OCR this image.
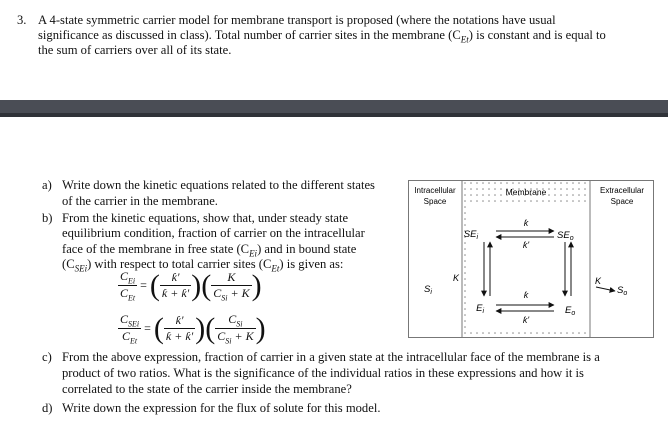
3. A 4-state symmetric carrier model for membrane transport is proposed (where the notations have usual

significance as discussed in class). Total number of carrier sites in the membrane $(C_{Et})$ is constant and is equal to

the sum of carriers over all of its state.

a) Write down the kinetic equations related to the different states

of the carrier in the membrane.

b) From the kinetic equations, show that, under steady state

equilibrium condition, fraction of carrier on the intracellular

face of the membrane in free state $(C_{Ei})$ and in bound state

$(C_{SEi})$ with respect to total carrier sites $(C_{Et})$ is given as:

$\frac{C_{Ei}}{C_{Et}}$ = ( $\frac{ƙ'}{ƙ + ƙ'}$ )( $\frac{K}{C_{Si} + K}$ )
$\frac{C_{SEi}}{C_{Et}}$ = ( $\frac{ƙ'}{ƙ + ƙ'}$ )( $\frac{C_{Si}}{C_{Si} + K}$ )

c) From the above expression, fraction of carrier in a given state at the intracellular face of the membrane is a

product of two ratios. What is the significance of the individual ratios in these expressions and how it is

correlated to the state of the carrier inside the membrane?

d) Write down the expression for the flux of solute for this model.

Intracellular
Space
Membrane	Extracellular
Space
ƙ
ƙ'
ƙ
ƙ'
$SE_i$	$SE_o$
$E_i$	$E_o$
$S_i$
K	K
$S_o$
